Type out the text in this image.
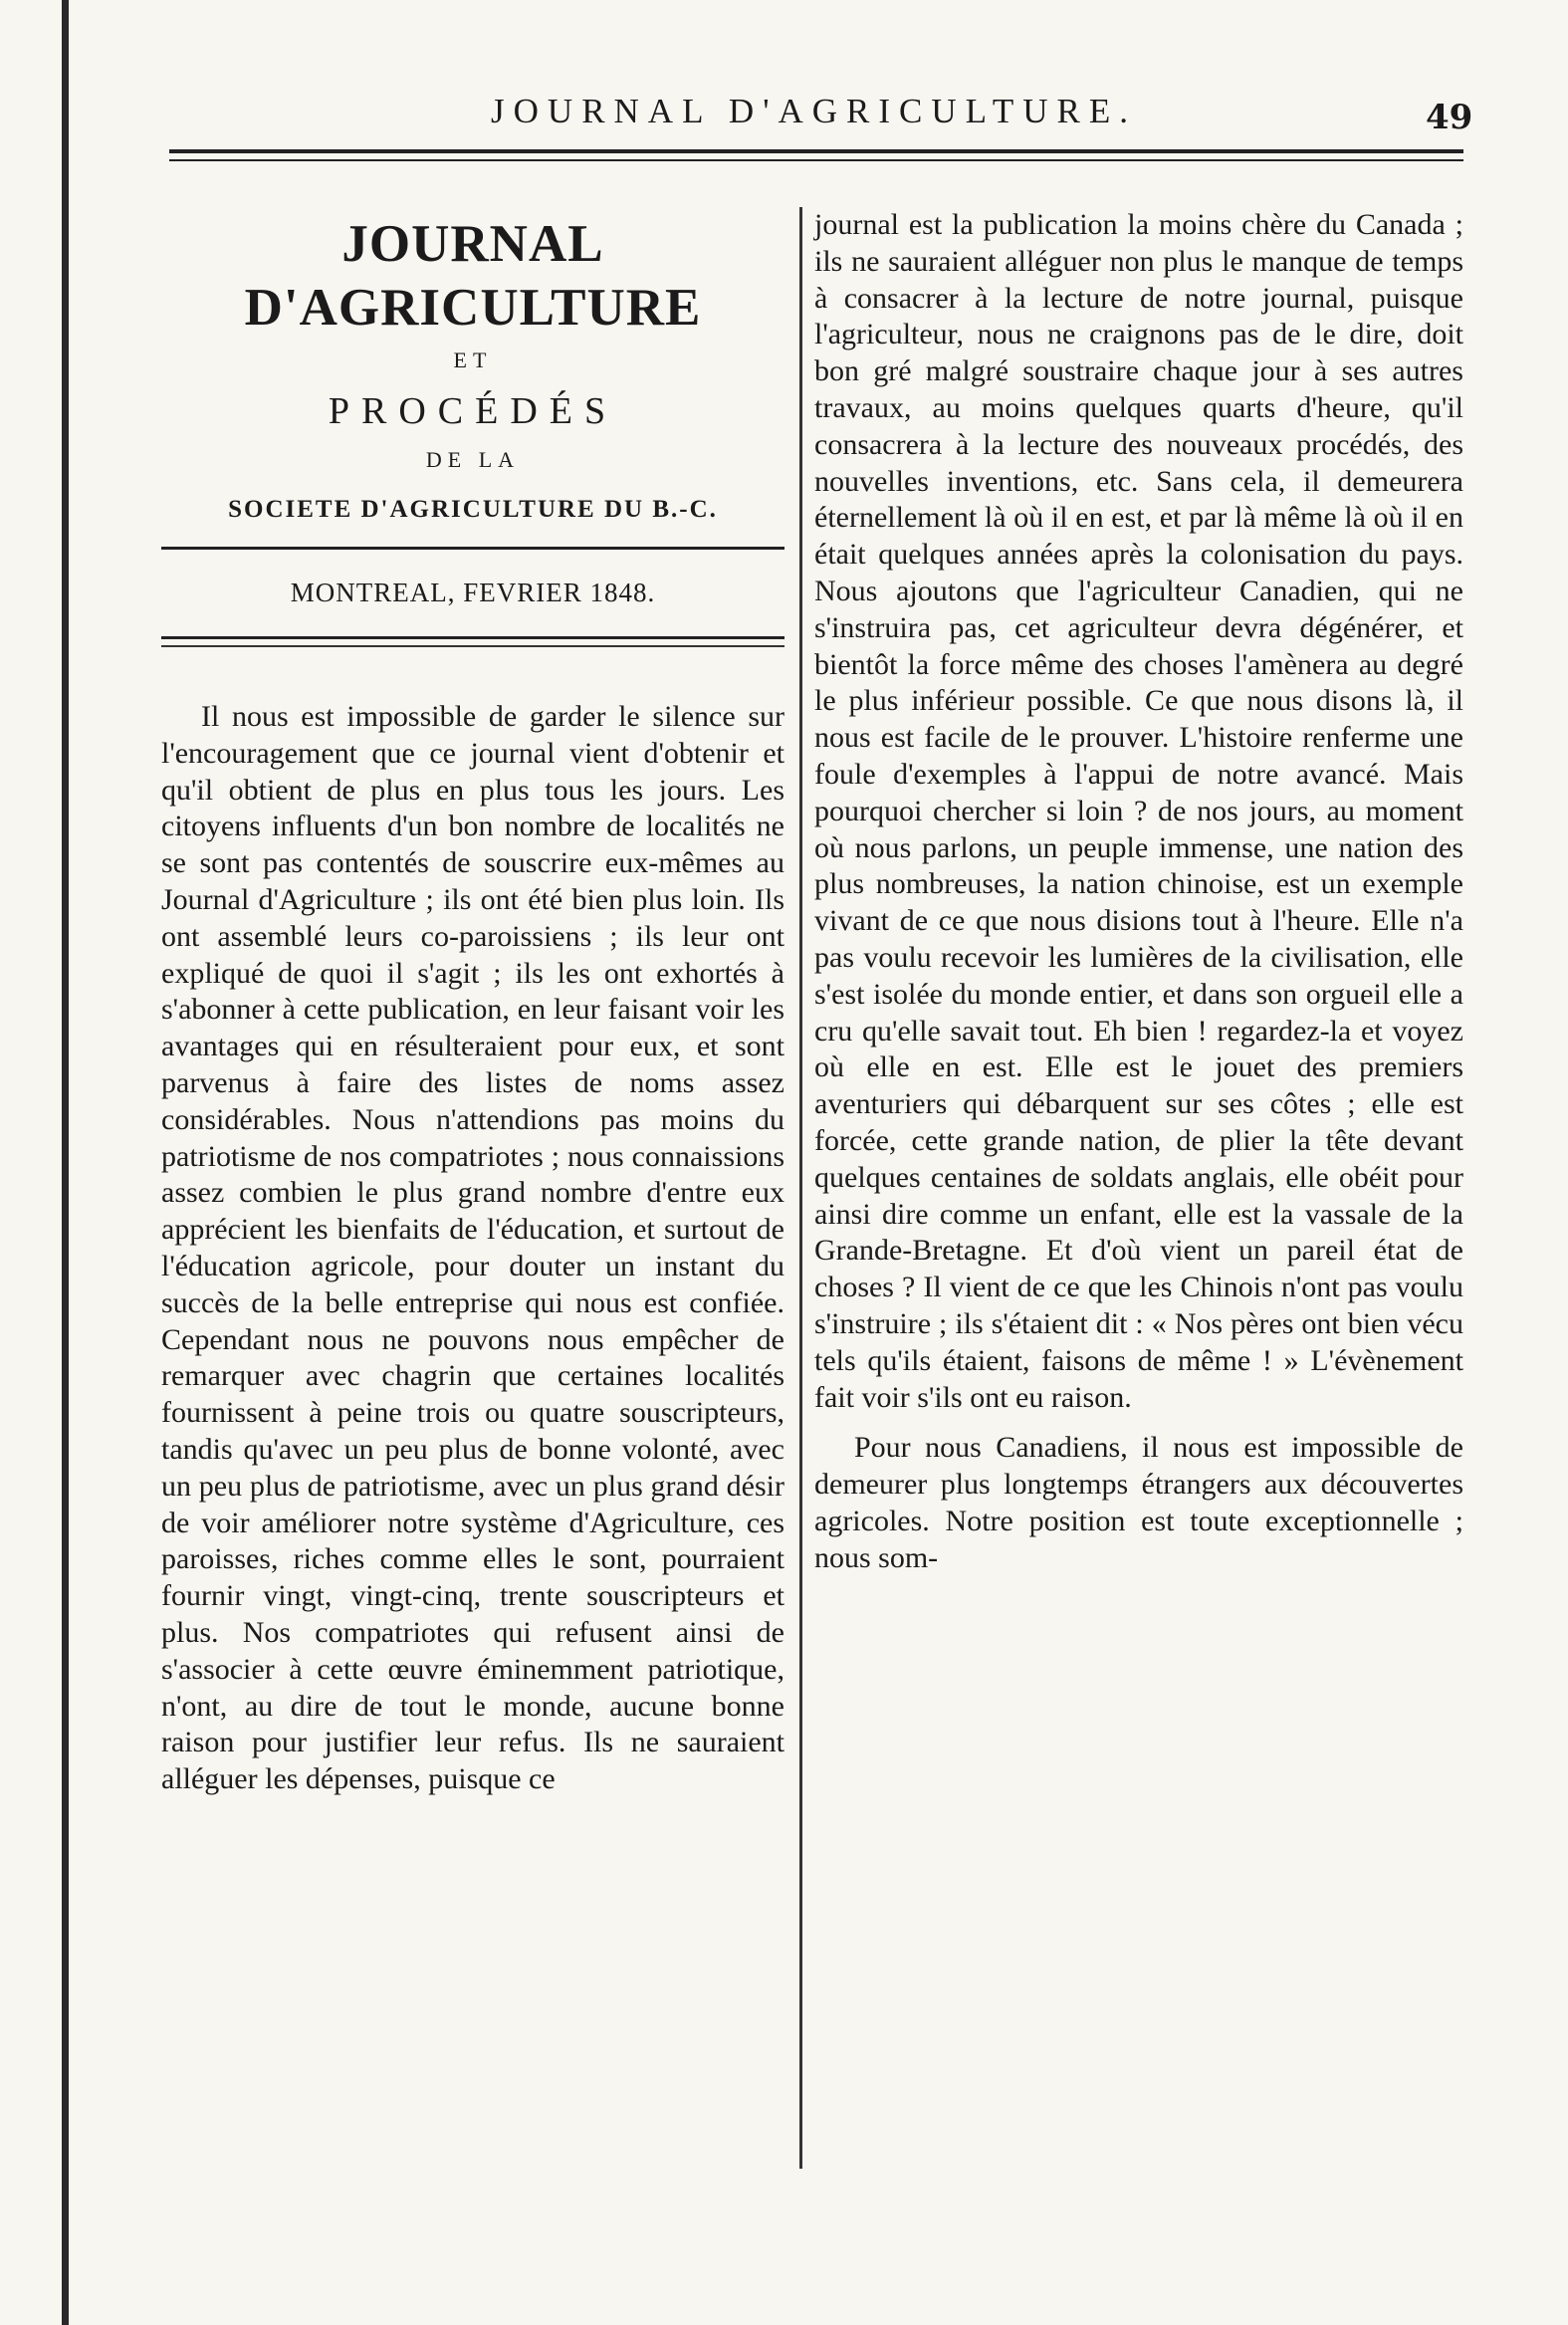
JOURNAL D'AGRICULTURE.	49
JOURNAL D'AGRICULTURE
ET
PROCÉDÉS
DE LA
SOCIETE D'AGRICULTURE DU B.-C.
MONTREAL, FEVRIER 1848.

Il nous est impossible de garder le silence sur l'encouragement que ce journal vient d'obtenir et qu'il obtient de plus en plus tous les jours. Les citoyens influents d'un bon nombre de localités ne se sont pas contentés de souscrire eux-mêmes au Journal d'Agriculture ; ils ont été bien plus loin. Ils ont assemblé leurs co-paroissiens ; ils leur ont expliqué de quoi il s'agit ; ils les ont exhortés à s'abonner à cette publication, en leur faisant voir les avantages qui en résulteraient pour eux, et sont parvenus à faire des listes de noms assez considérables. Nous n'attendions pas moins du patriotisme de nos compatriotes ; nous connaissions assez combien le plus grand nombre d'entre eux apprécient les bienfaits de l'éducation, et surtout de l'éducation agricole, pour douter un instant du succès de la belle entreprise qui nous est confiée. Cependant nous ne pouvons nous empêcher de remarquer avec chagrin que certaines localités fournissent à peine trois ou quatre souscripteurs, tandis qu'avec un peu plus de bonne volonté, avec un peu plus de patriotisme, avec un plus grand désir de voir améliorer notre système d'Agriculture, ces paroisses, riches comme elles le sont, pourraient fournir vingt, vingt-cinq, trente souscripteurs et plus. Nos compatriotes qui refusent ainsi de s'associer à cette œuvre éminemment patriotique, n'ont, au dire de tout le monde, aucune bonne raison pour justifier leur refus. Ils ne sauraient alléguer les dépenses, puisque ce

journal est la publication la moins chère du Canada ; ils ne sauraient alléguer non plus le manque de temps à consacrer à la lecture de notre journal, puisque l'agriculteur, nous ne craignons pas de le dire, doit bon gré malgré soustraire chaque jour à ses autres travaux, au moins quelques quarts d'heure, qu'il consacrera à la lecture des nouveaux procédés, des nouvelles inventions, etc. Sans cela, il demeurera éternellement là où il en est, et par là même là où il en était quelques années après la colonisation du pays. Nous ajoutons que l'agriculteur Canadien, qui ne s'instruira pas, cet agriculteur devra dégénérer, et bientôt la force même des choses l'amènera au degré le plus inférieur possible. Ce que nous disons là, il nous est facile de le prouver. L'histoire renferme une foule d'exemples à l'appui de notre avancé. Mais pourquoi chercher si loin ? de nos jours, au moment où nous parlons, un peuple immense, une nation des plus nombreuses, la nation chinoise, est un exemple vivant de ce que nous disions tout à l'heure. Elle n'a pas voulu recevoir les lumières de la civilisation, elle s'est isolée du monde entier, et dans son orgueil elle a cru qu'elle savait tout. Eh bien ! regardez-la et voyez où elle en est. Elle est le jouet des premiers aventuriers qui débarquent sur ses côtes ; elle est forcée, cette grande nation, de plier la tête devant quelques centaines de soldats anglais, elle obéit pour ainsi dire comme un enfant, elle est la vassale de la Grande-Bretagne. Et d'où vient un pareil état de choses ? Il vient de ce que les Chinois n'ont pas voulu s'instruire ; ils s'étaient dit : « Nos pères ont bien vécu tels qu'ils étaient, faisons de même ! » L'évènement fait voir s'ils ont eu raison.

Pour nous Canadiens, il nous est impossible de demeurer plus longtemps étrangers aux découvertes agricoles. Notre position est toute exceptionnelle ; nous som-
